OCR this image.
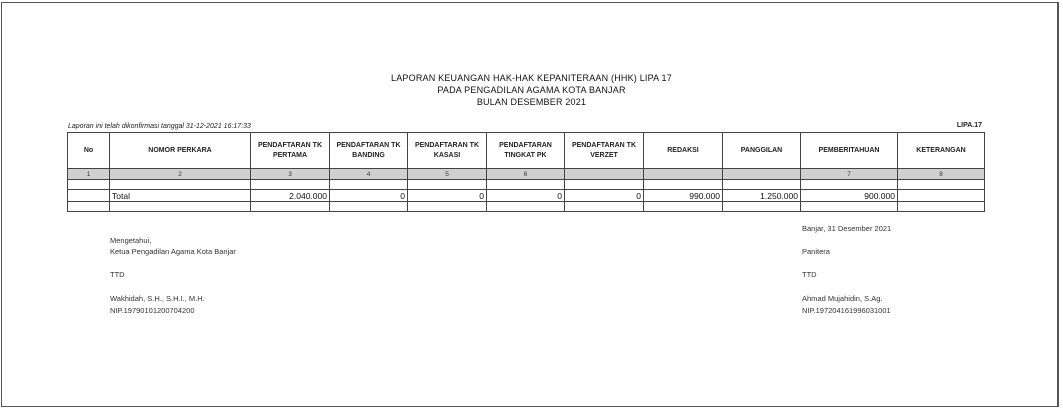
LAPORAN KEUANGAN HAK-HAK KEPANITERAAN (HHK) LIPA 17
PADA PENGADILAN AGAMA KOTA BANJAR
BULAN DESEMBER 2021
Laporan ini telah dikonfirmasi tanggal 31-12-2021 16:17:33	LIPA.17
No	NOMOR PERKARA	PENDAFTARAN TK PERTAMA	PENDAFTARAN TK BANDING	PENDAFTARAN TK KASASI	PENDAFTARAN TINGKAT PK	PENDAFTARAN TK VERZET	REDAKSI	PANGGILAN	PEMBERITAHUAN	KETERANGAN
1	2	3	4	5	6				7	8

	Total	2.040.000	0	0	0	0	990.000	1.250.000	900.000	

Mengetahui,
Ketua Pengadilan Agama Kota Banjar
TTD
Wakhidah, S.H., S.H.I., M.H.
NIP.19790101200704200
Banjar, 31 Desember 2021
Panitera
TTD
Ahmad Mujahidin, S.Ag.
NIP.197204161996031001
